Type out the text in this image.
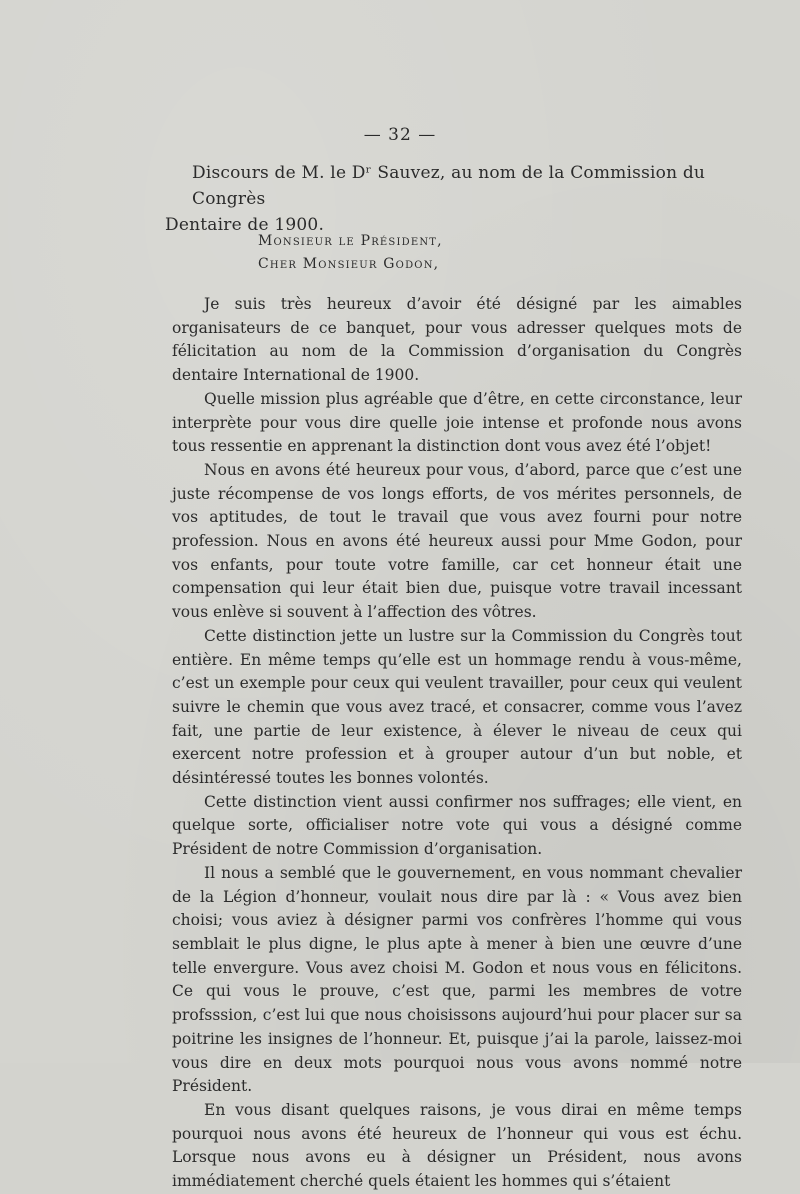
— 32 —
Discours de M. le Dʳ Sauvez, au nom de la Commission du Congrès
Dentaire de 1900.
Monsieur le Président,
Cher Monsieur Godon,

Je suis très heureux d’avoir été désigné par les aimables organisateurs de ce banquet, pour vous adresser quelques mots de félicitation au nom de la Commission d’organisation du Congrès dentaire International de 1900.

Quelle mission plus agréable que d’être, en cette circonstance, leur interprète pour vous dire quelle joie intense et profonde nous avons tous ressentie en apprenant la distinction dont vous avez été l’objet!

Nous en avons été heureux pour vous, d’abord, parce que c’est une juste récompense de vos longs efforts, de vos mérites personnels, de vos aptitudes, de tout le travail que vous avez fourni pour notre profession. Nous en avons été heureux aussi pour Mme Godon, pour vos enfants, pour toute votre famille, car cet honneur était une compensation qui leur était bien due, puisque votre travail incessant vous enlève si souvent à l’affection des vôtres.

Cette distinction jette un lustre sur la Commission du Congrès tout entière. En même temps qu’elle est un hommage rendu à vous-même, c’est un exemple pour ceux qui veulent travailler, pour ceux qui veulent suivre le chemin que vous avez tracé, et consacrer, comme vous l’avez fait, une partie de leur existence, à élever le niveau de ceux qui exercent notre profession et à grouper autour d’un but noble, et désintéressé toutes les bonnes volontés.

Cette distinction vient aussi confirmer nos suffrages; elle vient, en quelque sorte, officialiser notre vote qui vous a désigné comme Président de notre Commission d’organisation.

Il nous a semblé que le gouvernement, en vous nommant chevalier de la Légion d’honneur, voulait nous dire par là : « Vous avez bien choisi; vous aviez à désigner parmi vos confrères l’homme qui vous semblait le plus digne, le plus apte à mener à bien une œuvre d’une telle envergure. Vous avez choisi M. Godon et nous vous en félicitons. Ce qui vous le prouve, c’est que, parmi les membres de votre profsssion, c’est lui que nous choisissons aujourd’hui pour placer sur sa poitrine les insignes de l’honneur. Et, puisque j’ai la parole, laissez-moi vous dire en deux mots pourquoi nous vous avons nommé notre Président.

En vous disant quelques raisons, je vous dirai en même temps pourquoi nous avons été heureux de l’honneur qui vous est échu. Lorsque nous avons eu à désigner un Président, nous avons immédiatement cherché quels étaient les hommes qui s’étaient
